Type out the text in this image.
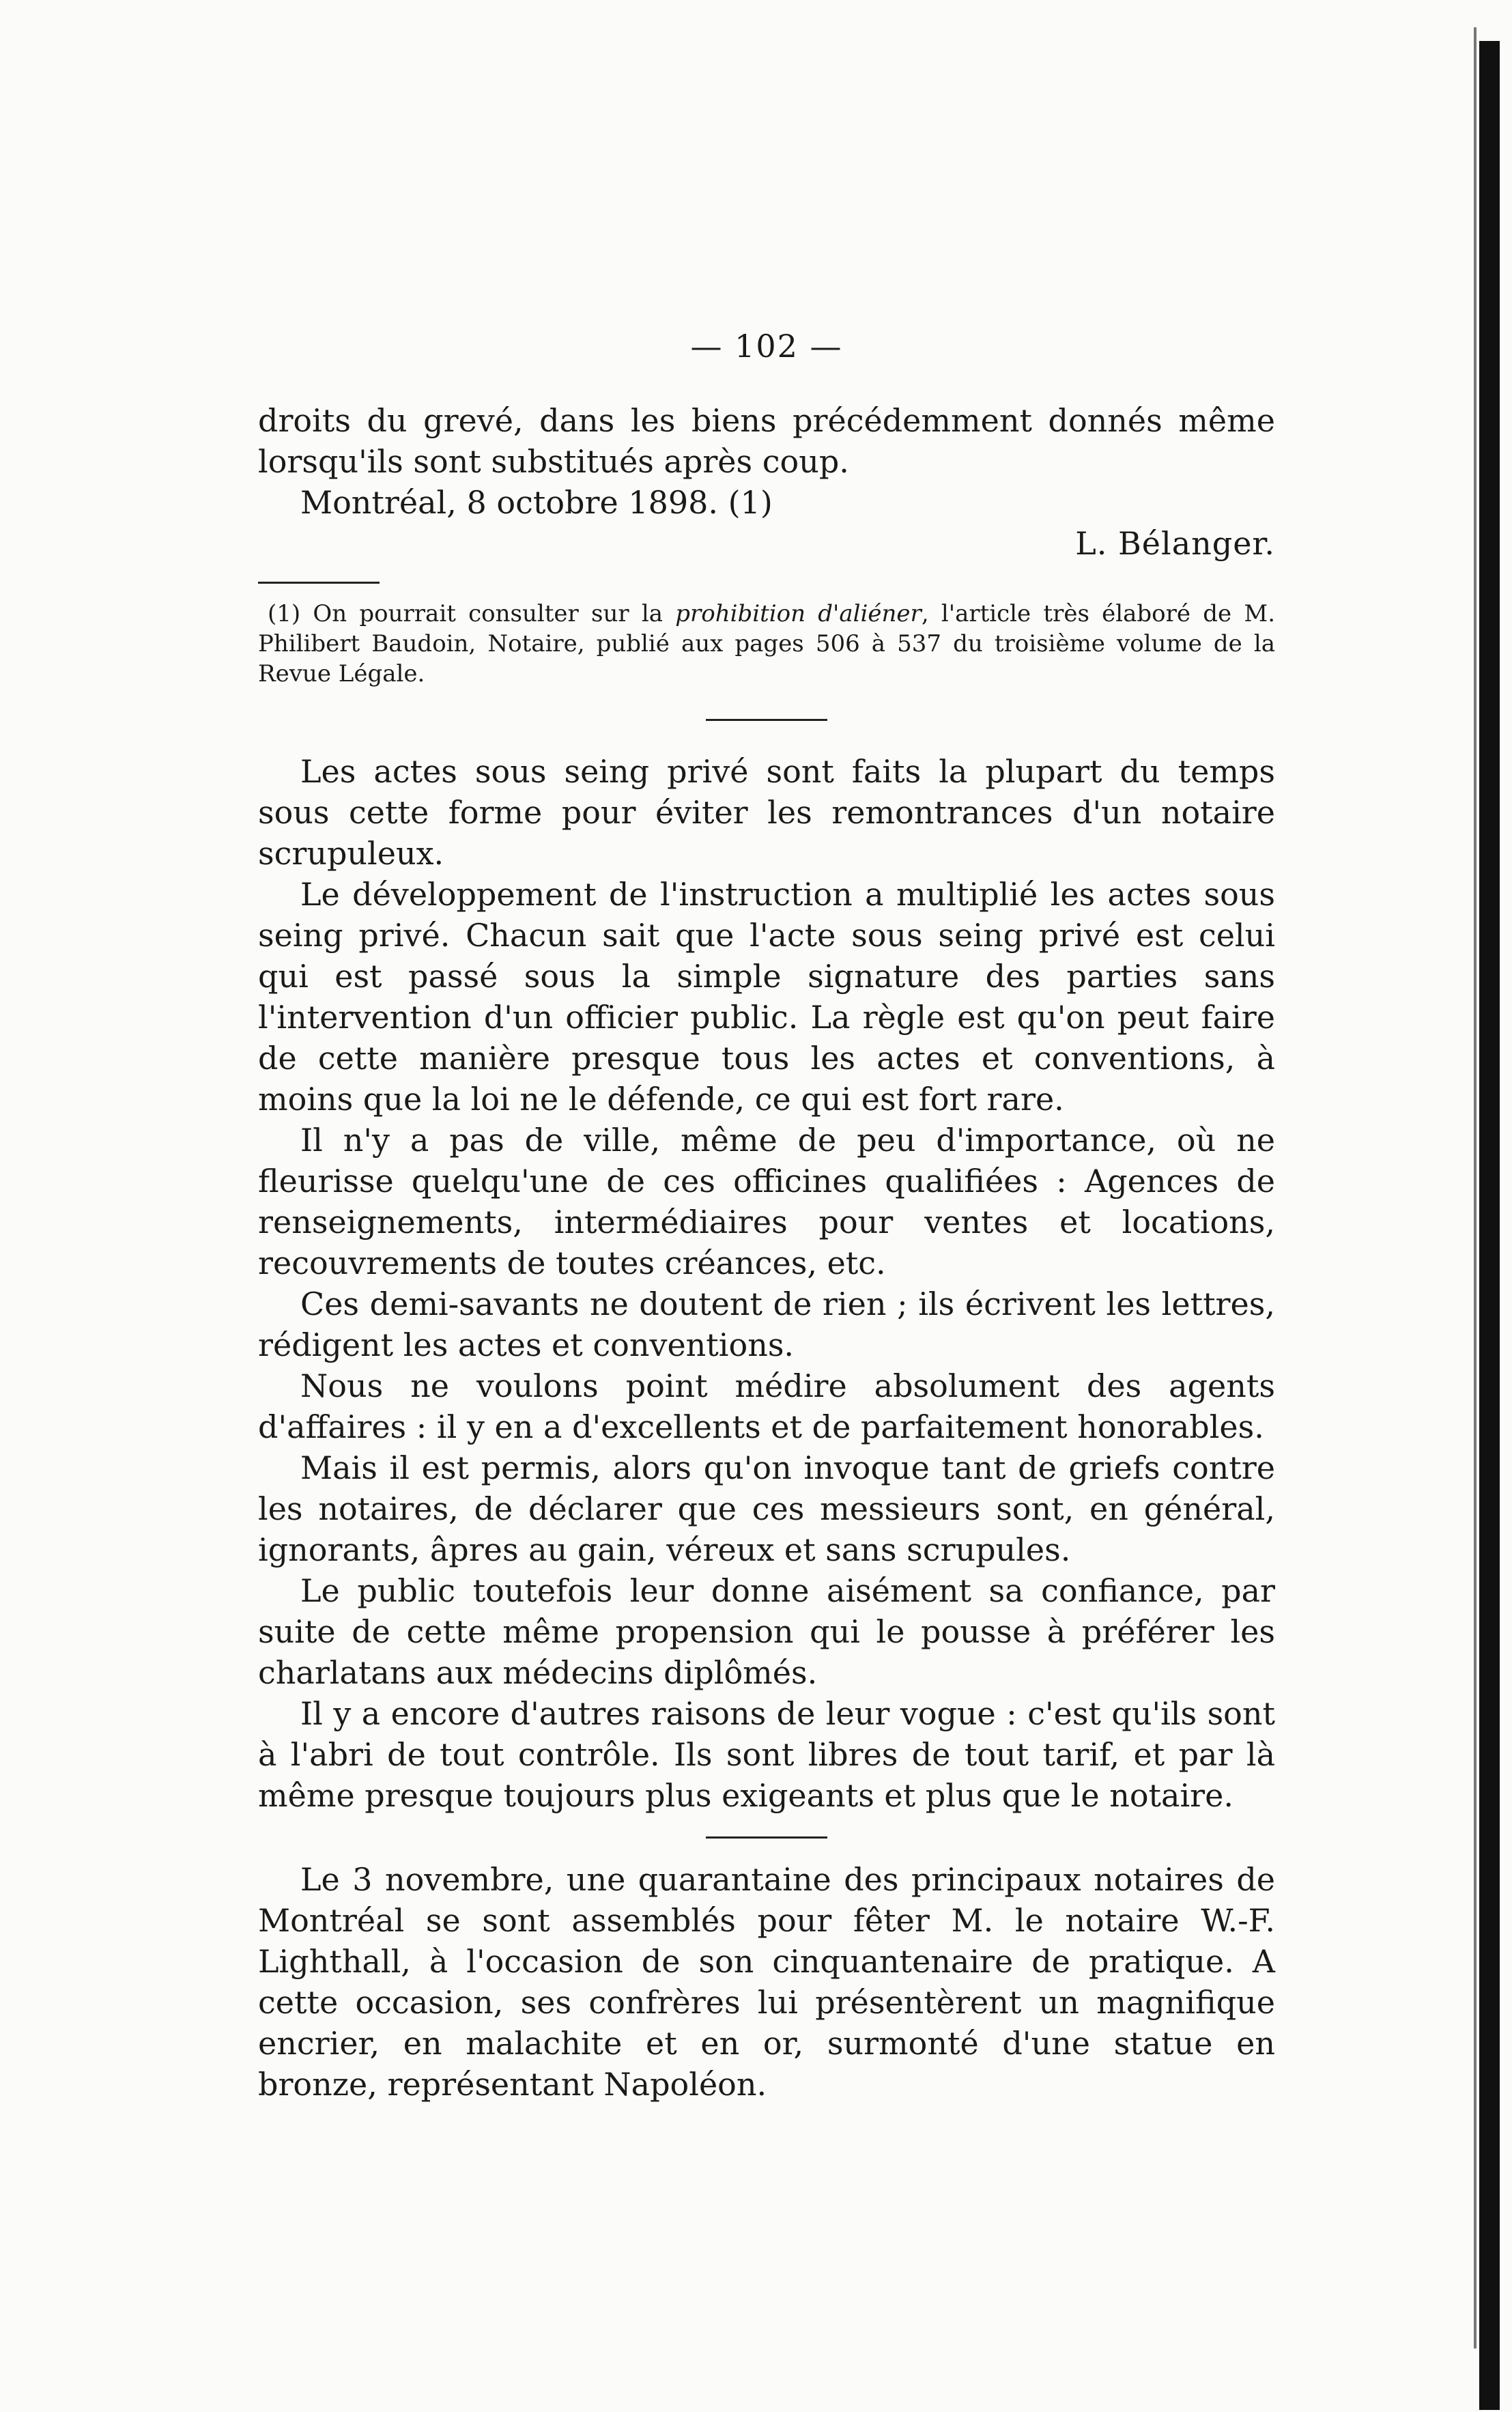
— 102 —

droits du grevé, dans les biens précédemment donnés même lorsqu'ils sont substitués après coup.

Montréal, 8 octobre 1898. (1)

L. Bélanger.

(1) On pourrait consulter sur la prohibition d'aliéner, l'article très élaboré de M. Philibert Baudoin, Notaire, publié aux pages 506 à 537 du troisième volume de la Revue Légale.

Les actes sous seing privé sont faits la plupart du temps sous cette forme pour éviter les remontrances d'un notaire scrupuleux.

Le développement de l'instruction a multiplié les actes sous seing privé. Chacun sait que l'acte sous seing privé est celui qui est passé sous la simple signature des parties sans l'intervention d'un officier public. La règle est qu'on peut faire de cette manière presque tous les actes et conventions, à moins que la loi ne le défende, ce qui est fort rare.

Il n'y a pas de ville, même de peu d'importance, où ne fleurisse quelqu'une de ces officines qualifiées : Agences de renseignements, intermédiaires pour ventes et locations, recouvrements de toutes créances, etc.

Ces demi-savants ne doutent de rien ; ils écrivent les lettres, rédigent les actes et conventions.

Nous ne voulons point médire absolument des agents d'affaires : il y en a d'excellents et de parfaitement honorables.

Mais il est permis, alors qu'on invoque tant de griefs contre les notaires, de déclarer que ces messieurs sont, en général, ignorants, âpres au gain, véreux et sans scrupules.

Le public toutefois leur donne aisément sa confiance, par suite de cette même propension qui le pousse à préférer les charlatans aux médecins diplômés.

Il y a encore d'autres raisons de leur vogue : c'est qu'ils sont à l'abri de tout contrôle. Ils sont libres de tout tarif, et par là même presque toujours plus exigeants et plus que le notaire.

Le 3 novembre, une quarantaine des principaux notaires de Montréal se sont assemblés pour fêter M. le notaire W.-F. Lighthall, à l'occasion de son cinquantenaire de pratique. A cette occasion, ses confrères lui présentèrent un magnifique encrier, en malachite et en or, surmonté d'une statue en bronze, représentant Napoléon.
